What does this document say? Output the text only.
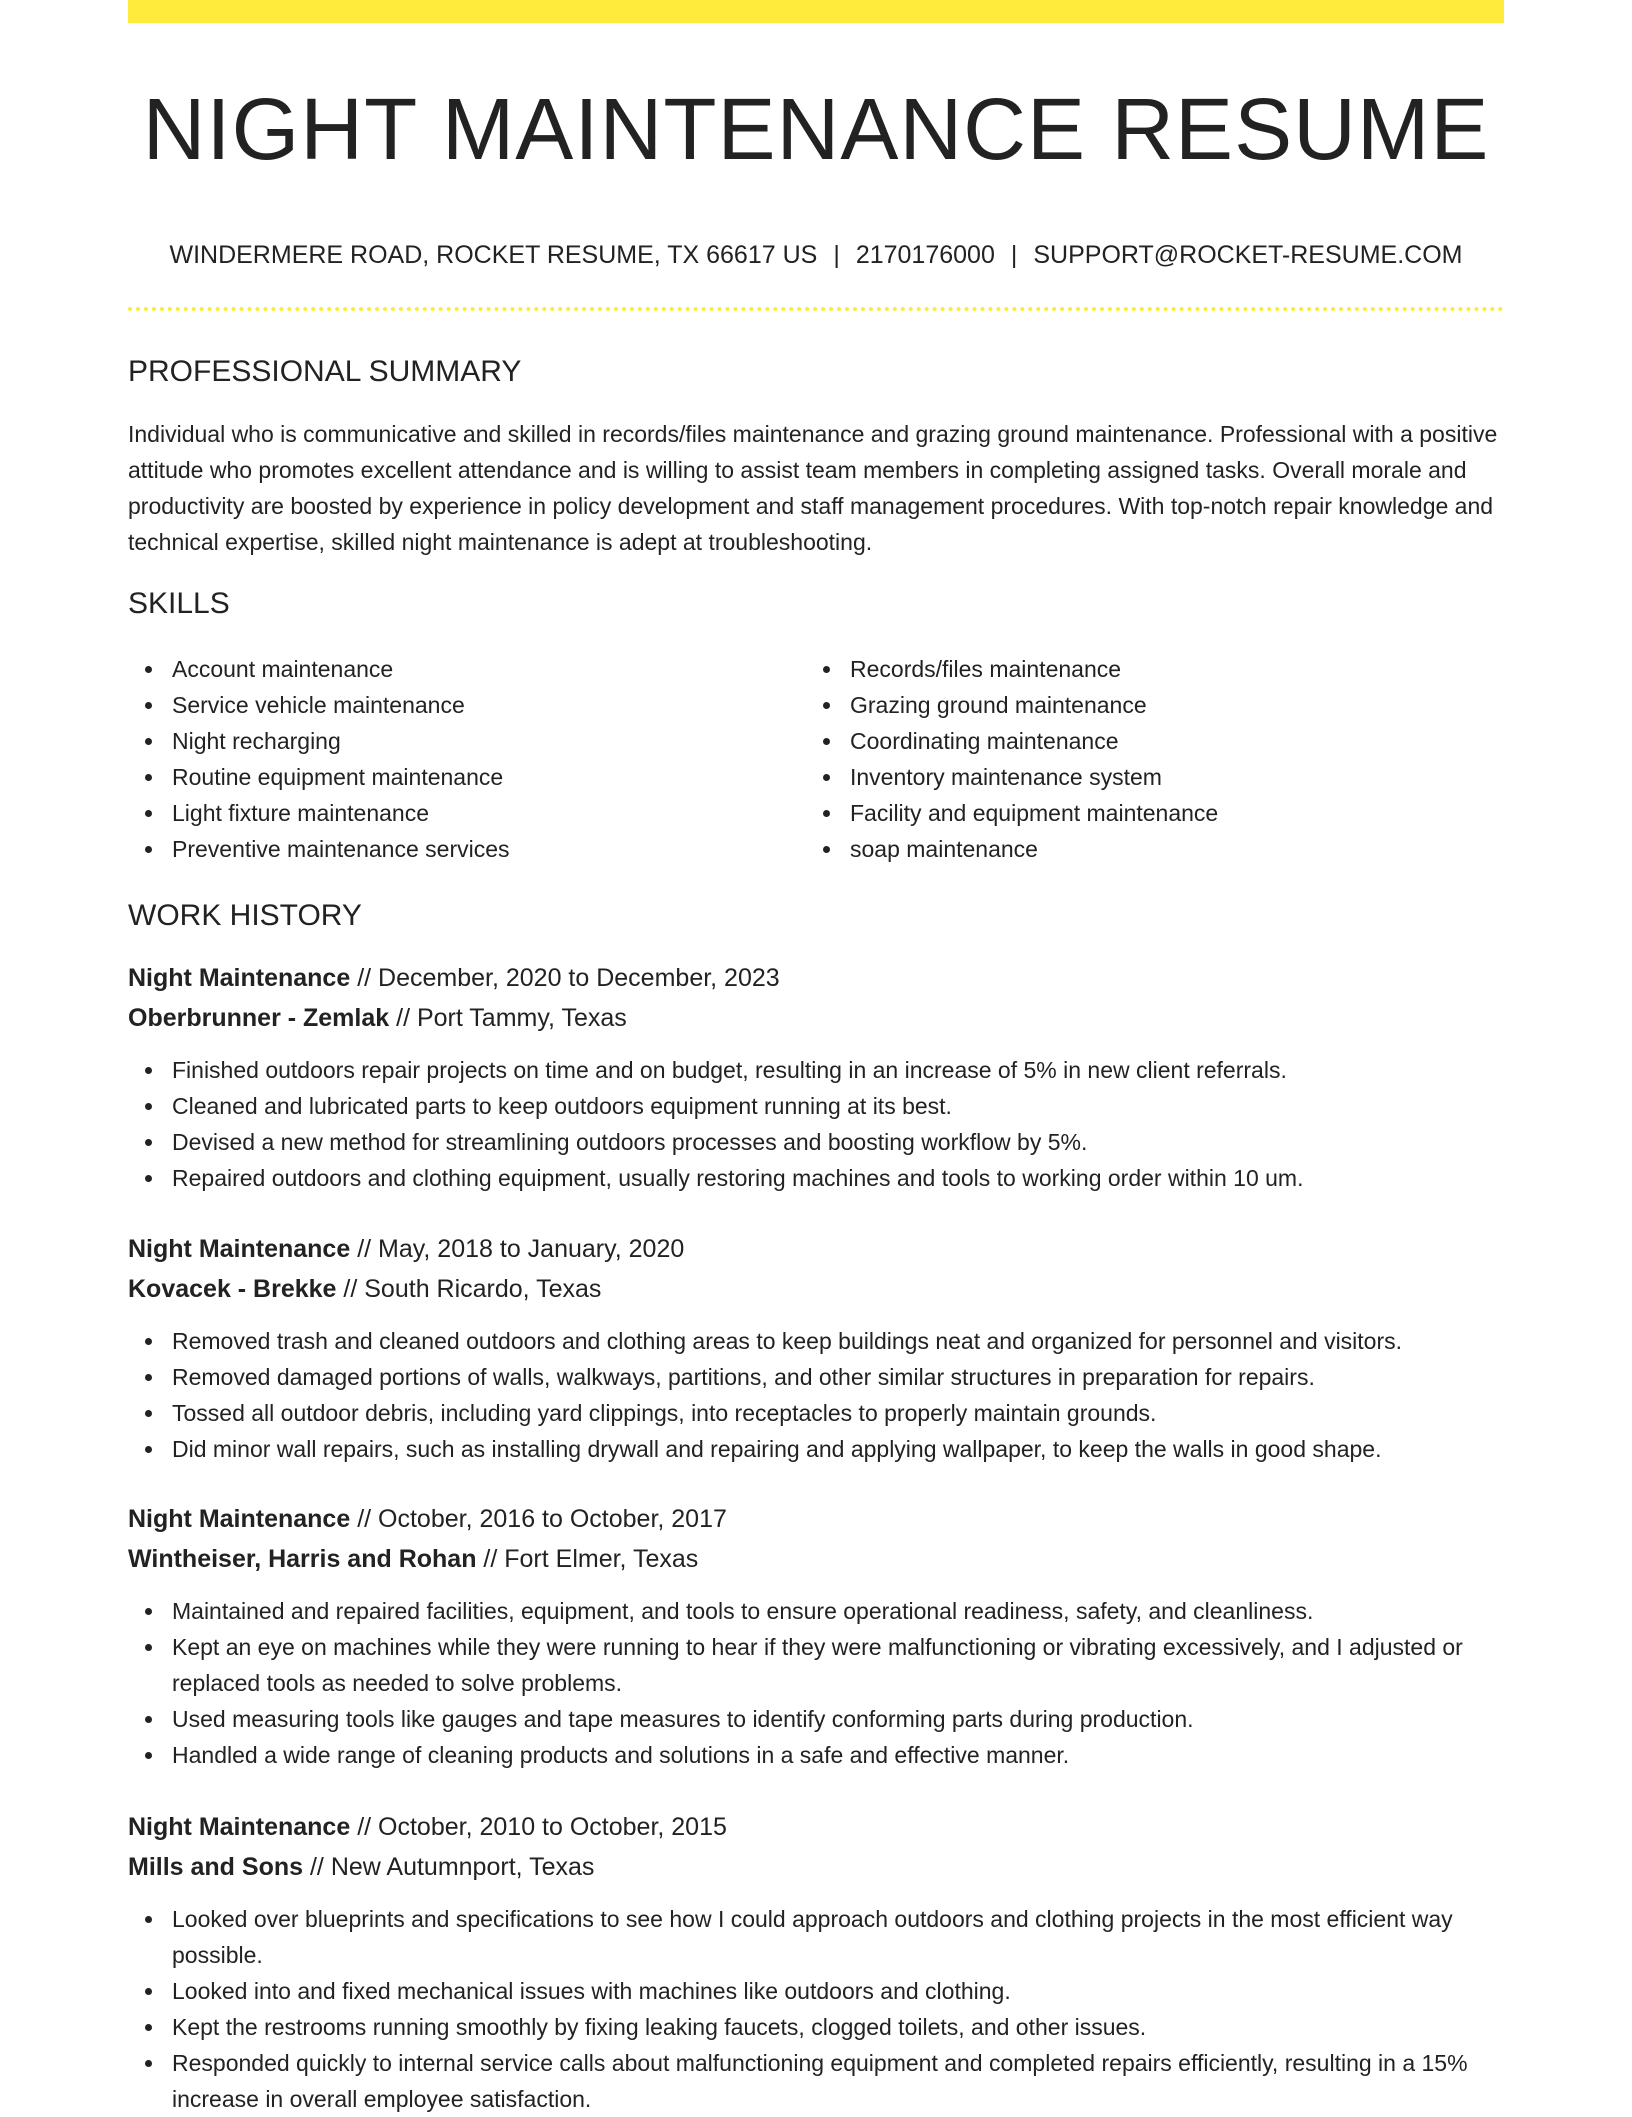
NIGHT MAINTENANCE RESUME
WINDERMERE ROAD, ROCKET RESUME, TX 66617 US | 2170176000 | SUPPORT@ROCKET-RESUME.COM
PROFESSIONAL SUMMARY

Individual who is communicative and skilled in records/files maintenance and grazing ground maintenance. Professional with a positive attitude who promotes excellent attendance and is willing to assist team members in completing assigned tasks. Overall morale and productivity are boosted by experience in policy development and staff management procedures. With top-notch repair knowledge and technical expertise, skilled night maintenance is adept at troubleshooting.

SKILLS
Account maintenance
Service vehicle maintenance
Night recharging
Routine equipment maintenance
Light fixture maintenance
Preventive maintenance services
Records/files maintenance
Grazing ground maintenance
Coordinating maintenance
Inventory maintenance system
Facility and equipment maintenance
soap maintenance
WORK HISTORY
Night Maintenance // December, 2020 to December, 2023
Oberbrunner - Zemlak // Port Tammy, Texas
Finished outdoors repair projects on time and on budget, resulting in an increase of 5% in new client referrals.
Cleaned and lubricated parts to keep outdoors equipment running at its best.
Devised a new method for streamlining outdoors processes and boosting workflow by 5%.
Repaired outdoors and clothing equipment, usually restoring machines and tools to working order within 10 um.
Night Maintenance // May, 2018 to January, 2020
Kovacek - Brekke // South Ricardo, Texas
Removed trash and cleaned outdoors and clothing areas to keep buildings neat and organized for personnel and visitors.
Removed damaged portions of walls, walkways, partitions, and other similar structures in preparation for repairs.
Tossed all outdoor debris, including yard clippings, into receptacles to properly maintain grounds.
Did minor wall repairs, such as installing drywall and repairing and applying wallpaper, to keep the walls in good shape.
Night Maintenance // October, 2016 to October, 2017
Wintheiser, Harris and Rohan // Fort Elmer, Texas
Maintained and repaired facilities, equipment, and tools to ensure operational readiness, safety, and cleanliness.
Kept an eye on machines while they were running to hear if they were malfunctioning or vibrating excessively, and I adjusted or replaced tools as needed to solve problems.
Used measuring tools like gauges and tape measures to identify conforming parts during production.
Handled a wide range of cleaning products and solutions in a safe and effective manner.
Night Maintenance // October, 2010 to October, 2015
Mills and Sons // New Autumnport, Texas
Looked over blueprints and specifications to see how I could approach outdoors and clothing projects in the most efficient way possible.
Looked into and fixed mechanical issues with machines like outdoors and clothing.
Kept the restrooms running smoothly by fixing leaking faucets, clogged toilets, and other issues.
Responded quickly to internal service calls about malfunctioning equipment and completed repairs efficiently, resulting in a 15% increase in overall employee satisfaction.
